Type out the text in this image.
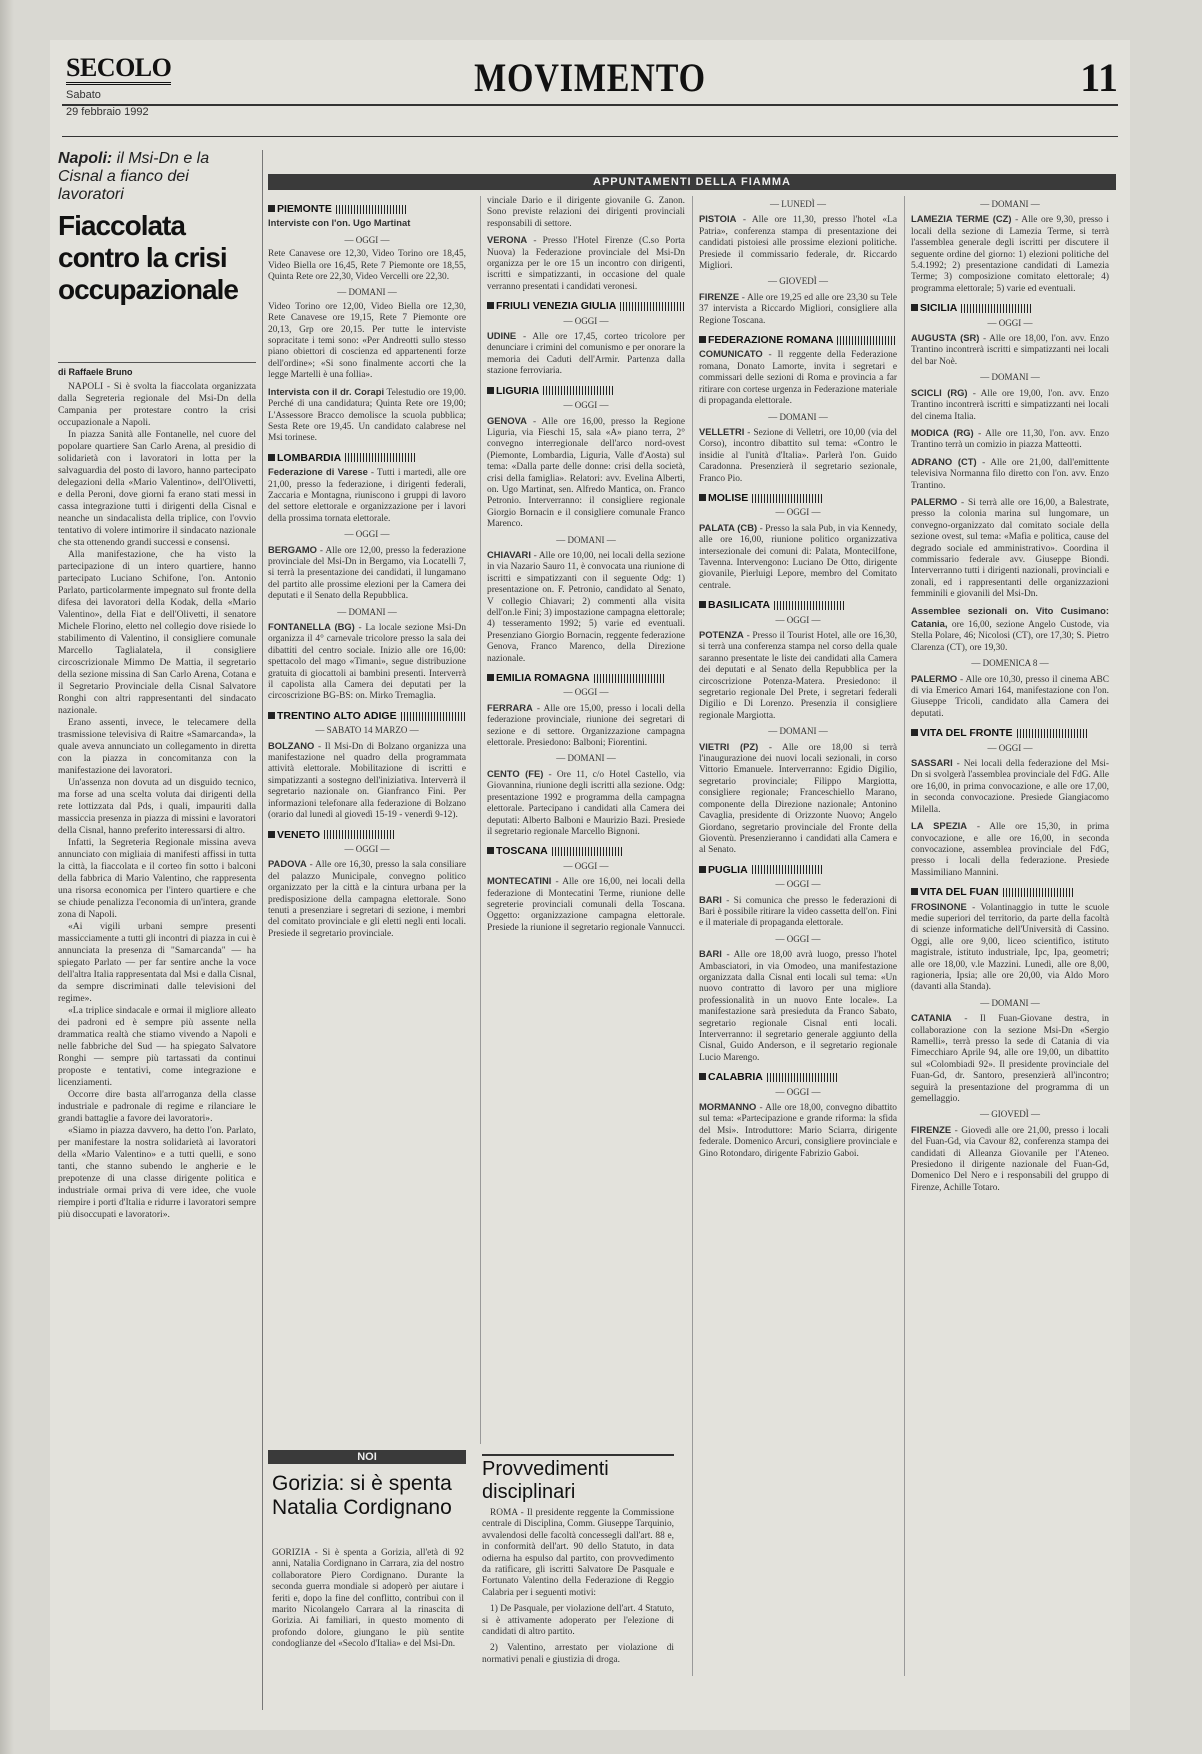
SECOLO
Sabato
29 febbraio 1992
MOVIMENTO	11
Napoli: il Msi-Dn e la Cisnal a fianco dei lavoratori
Fiaccolata contro la crisi occupazionale
di Raffaele Bruno

NAPOLI - Si è svolta la fiaccolata organizzata dalla Segreteria regionale del Msi-Dn della Campania per protestare contro la crisi occupazionale a Napoli.

In piazza Sanità alle Fontanelle, nel cuore del popolare quartiere San Carlo Arena, al presidio di solidarietà con i lavoratori in lotta per la salvaguardia del posto di lavoro, hanno partecipato delegazioni della «Mario Valentino», dell'Olivetti, e della Peroni, dove giorni fa erano stati messi in cassa integrazione tutti i dirigenti della Cisnal e neanche un sindacalista della triplice, con l'ovvio tentativo di volere intimorire il sindacato nazionale che sta ottenendo grandi successi e consensi.

Alla manifestazione, che ha visto la partecipazione di un intero quartiere, hanno partecipato Luciano Schifone, l'on. Antonio Parlato, particolarmente impegnato sul fronte della difesa dei lavoratori della Kodak, della «Mario Valentino», della Fiat e dell'Olivetti, il senatore Michele Florino, eletto nel collegio dove risiede lo stabilimento di Valentino, il consigliere comunale Marcello Taglialatela, il consigliere circoscrizionale Mimmo De Mattia, il segretario della sezione missina di San Carlo Arena, Cotana e il Segretario Provinciale della Cisnal Salvatore Ronghi con altri rappresentanti del sindacato nazionale.

Erano assenti, invece, le telecamere della trasmissione televisiva di Raitre «Samarcanda», la quale aveva annunciato un collegamento in diretta con la piazza in concomitanza con la manifestazione dei lavoratori.

Un'assenza non dovuta ad un disguido tecnico, ma forse ad una scelta voluta dai dirigenti della rete lottizzata dal Pds, i quali, impauriti dalla massiccia presenza in piazza di missini e lavoratori della Cisnal, hanno preferito interessarsi di altro.

Infatti, la Segreteria Regionale missina aveva annunciato con migliaia di manifesti affissi in tutta la città, la fiaccolata e il corteo fin sotto i balconi della fabbrica di Mario Valentino, che rappresenta una risorsa economica per l'intero quartiere e che se chiude penalizza l'economia di un'intera, grande zona di Napoli.

«Ai vigili urbani sempre presenti massicciamente a tutti gli incontri di piazza in cui è annunciata la presenza di "Samarcanda" — ha spiegato Parlato — per far sentire anche la voce dell'altra Italia rappresentata dal Msi e dalla Cisnal, da sempre discriminati dalle televisioni del regime».

«La triplice sindacale e ormai il migliore alleato dei padroni ed è sempre più assente nella drammatica realtà che stiamo vivendo a Napoli e nelle fabbriche del Sud — ha spiegato Salvatore Ronghi — sempre più tartassati da continui proposte e tentativi, come integrazione e licenziamenti.

Occorre dire basta all'arroganza della classe industriale e padronale di regime e rilanciare le grandi battaglie a favore dei lavoratori».

«Siamo in piazza davvero, ha detto l'on. Parlato, per manifestare la nostra solidarietà ai lavoratori della «Mario Valentino» e a tutti quelli, e sono tanti, che stanno subendo le angherie e le prepotenze di una classe dirigente politica e industriale ormai priva di vere idee, che vuole riempire i porti d'Italia e ridurre i lavoratori sempre più disoccupati e lavoratori».

APPUNTAMENTI DELLA FIAMMA
PIEMONTE
Interviste con l'on. Ugo Martinat
— OGGI —
Rete Canavese ore 12,30, Video Torino ore 18,45, Video Biella ore 16,45, Rete 7 Piemonte ore 18,55, Quinta Rete ore 22,30, Video Vercelli ore 22,30.
— DOMANI —
Video Torino ore 12,00, Video Biella ore 12,30, Rete Canavese ore 19,15, Rete 7 Piemonte ore 20,13, Grp ore 20,15. Per tutte le interviste sopracitate i temi sono: «Per Andreotti sullo stesso piano obiettori di coscienza ed appartenenti forze dell'ordine»; «Si sono finalmente accorti che la legge Martelli è una follia».
Intervista con il dr. Corapi Telestudio ore 19,00. Perché di una candidatura; Quinta Rete ore 19,00; L'Assessore Bracco demolisce la scuola pubblica; Sesta Rete ore 19,45. Un candidato calabrese nel Msi torinese.
LOMBARDIA
Federazione di Varese - Tutti i martedì, alle ore 21,00, presso la federazione, i dirigenti federali, Zaccaria e Montagna, riuniscono i gruppi di lavoro del settore elettorale e organizzazione per i lavori della prossima tornata elettorale.
— OGGI —
BERGAMO - Alle ore 12,00, presso la federazione provinciale del Msi-Dn in Bergamo, via Locatelli 7, si terrà la presentazione dei candidati, il lungamano del partito alle prossime elezioni per la Camera dei deputati e il Senato della Repubblica.
— DOMANI —
FONTANELLA (BG) - La locale sezione Msi-Dn organizza il 4° carnevale tricolore presso la sala dei dibattiti del centro sociale. Inizio alle ore 16,00: spettacolo del mago «Timani», segue distribuzione gratuita di giocattoli ai bambini presenti. Interverrà il capolista alla Camera dei deputati per la circoscrizione BG-BS: on. Mirko Tremaglia.
TRENTINO ALTO ADIGE
— SABATO 14 MARZO —
BOLZANO - Il Msi-Dn di Bolzano organizza una manifestazione nel quadro della programmata attività elettorale. Mobilitazione di iscritti e simpatizzanti a sostegno dell'iniziativa. Interverrà il segretario nazionale on. Gianfranco Fini. Per informazioni telefonare alla federazione di Bolzano (orario dal lunedì al giovedì 15-19 - venerdì 9-12).
VENETO
— OGGI —
PADOVA - Alle ore 16,30, presso la sala consiliare del palazzo Municipale, convegno politico organizzato per la città e la cintura urbana per la predisposizione della campagna elettorale. Sono tenuti a presenziare i segretari di sezione, i membri del comitato provinciale e gli eletti negli enti locali. Presiede il segretario provinciale.
vinciale Dario e il dirigente giovanile G. Zanon. Sono previste relazioni dei dirigenti provinciali responsabili di settore.
VERONA - Presso l'Hotel Firenze (C.so Porta Nuova) la Federazione provinciale del Msi-Dn organizza per le ore 15 un incontro con dirigenti, iscritti e simpatizzanti, in occasione del quale verranno presentati i candidati veronesi.
FRIULI VENEZIA GIULIA
— OGGI —
UDINE - Alle ore 17,45, corteo tricolore per denunciare i crimini del comunismo e per onorare la memoria dei Caduti dell'Armir. Partenza dalla stazione ferroviaria.
LIGURIA
— OGGI —
GENOVA - Alle ore 16,00, presso la Regione Liguria, via Fieschi 15, sala «A» piano terra, 2° convegno interregionale dell'arco nord-ovest (Piemonte, Lombardia, Liguria, Valle d'Aosta) sul tema: «Dalla parte delle donne: crisi della società, crisi della famiglia». Relatori: avv. Evelina Alberti, on. Ugo Martinat, sen. Alfredo Mantica, on. Franco Petronio. Interverranno: il consigliere regionale Giorgio Bornacin e il consigliere comunale Franco Marenco.
— DOMANI —
CHIAVARI - Alle ore 10,00, nei locali della sezione in via Nazario Sauro 11, è convocata una riunione di iscritti e simpatizzanti con il seguente Odg: 1) presentazione on. F. Petronio, candidato al Senato, V collegio Chiavari; 2) commenti alla visita dell'on.le Fini; 3) impostazione campagna elettorale; 4) tesseramento 1992; 5) varie ed eventuali. Presenziano Giorgio Bornacin, reggente federazione Genova, Franco Marenco, della Direzione nazionale.
EMILIA ROMAGNA
— OGGI —
FERRARA - Alle ore 15,00, presso i locali della federazione provinciale, riunione dei segretari di sezione e di settore. Organizzazione campagna elettorale. Presiedono: Balboni; Fiorentini.
— DOMANI —
CENTO (FE) - Ore 11, c/o Hotel Castello, via Giovannina, riunione degli iscritti alla sezione. Odg: presentazione 1992 e programma della campagna elettorale. Partecipano i candidati alla Camera dei deputati: Alberto Balboni e Maurizio Bazi. Presiede il segretario regionale Marcello Bignoni.
TOSCANA
— OGGI —
MONTECATINI - Alle ore 16,00, nei locali della federazione di Montecatini Terme, riunione delle segreterie provinciali comunali della Toscana. Oggetto: organizzazione campagna elettorale. Presiede la riunione il segretario regionale Vannucci.
— LUNEDÌ —
PISTOIA - Alle ore 11,30, presso l'hotel «La Patria», conferenza stampa di presentazione dei candidati pistoiesi alle prossime elezioni politiche. Presiede il commissario federale, dr. Riccardo Migliori.
— GIOVEDÌ —
FIRENZE - Alle ore 19,25 ed alle ore 23,30 su Tele 37 intervista a Riccardo Migliori, consigliere alla Regione Toscana.
FEDERAZIONE ROMANA
COMUNICATO - Il reggente della Federazione romana, Donato Lamorte, invita i segretari e commissari delle sezioni di Roma e provincia a far ritirare con cortese urgenza in Federazione materiale di propaganda elettorale.
— DOMANI —
VELLETRI - Sezione di Velletri, ore 10,00 (via del Corso), incontro dibattito sul tema: «Contro le insidie al l'unità d'Italia». Parlerà l'on. Guido Caradonna. Presenzierà il segretario sezionale, Franco Pio.
MOLISE
— OGGI —
PALATA (CB) - Presso la sala Pub, in via Kennedy, alle ore 16,00, riunione politico organizzativa intersezionale dei comuni di: Palata, Montecilfone, Tavenna. Intervengono: Luciano De Otto, dirigente giovanile, Pierluigi Lepore, membro del Comitato centrale.
BASILICATA
— OGGI —
POTENZA - Presso il Tourist Hotel, alle ore 16,30, si terrà una conferenza stampa nel corso della quale saranno presentate le liste dei candidati alla Camera dei deputati e al Senato della Repubblica per la circoscrizione Potenza-Matera. Presiedono: il segretario regionale Del Prete, i segretari federali Digilio e Di Lorenzo. Presenzia il consigliere regionale Margiotta.
— DOMANI —
VIETRI (PZ) - Alle ore 18,00 si terrà l'inaugurazione dei nuovi locali sezionali, in corso Vittorio Emanuele. Interverranno: Egidio Digilio, segretario provinciale; Filippo Margiotta, consigliere regionale; Franceschiello Marano, componente della Direzione nazionale; Antonino Cavaglia, presidente di Orizzonte Nuovo; Angelo Giordano, segretario provinciale del Fronte della Gioventù. Presenzieranno i candidati alla Camera e al Senato.
PUGLIA
— OGGI —
BARI - Si comunica che presso le federazioni di Bari è possibile ritirare la video cassetta dell'on. Fini e il materiale di propaganda elettorale.
— OGGI —
BARI - Alle ore 18,00 avrà luogo, presso l'hotel Ambasciatori, in via Omodeo, una manifestazione organizzata dalla Cisnal enti locali sul tema: «Un nuovo contratto di lavoro per una migliore professionalità in un nuovo Ente locale». La manifestazione sarà presieduta da Franco Sabato, segretario regionale Cisnal enti locali. Interverranno: il segretario generale aggiunto della Cisnal, Guido Anderson, e il segretario regionale Lucio Marengo.
CALABRIA
— OGGI —
MORMANNO - Alle ore 18,00, convegno dibattito sul tema: «Partecipazione e grande riforma: la sfida del Msi». Introduttore: Mario Sciarra, dirigente federale. Domenico Arcuri, consigliere provinciale e Gino Rotondaro, dirigente Fabrizio Gaboi.
— DOMANI —
LAMEZIA TERME (CZ) - Alle ore 9,30, presso i locali della sezione di Lamezia Terme, si terrà l'assemblea generale degli iscritti per discutere il seguente ordine del giorno: 1) elezioni politiche del 5.4.1992; 2) presentazione candidati di Lamezia Terme; 3) composizione comitato elettorale; 4) programma elettorale; 5) varie ed eventuali.
SICILIA
— OGGI —
AUGUSTA (SR) - Alle ore 18,00, l'on. avv. Enzo Trantino incontrerà iscritti e simpatizzanti nei locali del bar Noè.
— DOMANI —
SCICLI (RG) - Alle ore 19,00, l'on. avv. Enzo Trantino incontrerà iscritti e simpatizzanti nei locali del cinema Italia.
MODICA (RG) - Alle ore 11,30, l'on. avv. Enzo Trantino terrà un comizio in piazza Matteotti.
ADRANO (CT) - Alle ore 21,00, dall'emittente televisiva Normanna filo diretto con l'on. avv. Enzo Trantino.
PALERMO - Si terrà alle ore 16,00, a Balestrate, presso la colonia marina sul lungomare, un convegno-organizzato dal comitato sociale della sezione ovest, sul tema: «Mafia e politica, cause del degrado sociale ed amministrativo». Coordina il commissario federale avv. Giuseppe Biondi. Interverranno tutti i dirigenti nazionali, provinciali e zonali, ed i rappresentanti delle organizzazioni femminili e giovanili del Msi-Dn.
Assemblee sezionali on. Vito Cusimano: Catania, ore 16,00, sezione Angelo Custode, via Stella Polare, 46; Nicolosi (CT), ore 17,30; S. Pietro Clarenza (CT), ore 19,30.
— DOMENICA 8 —
PALERMO - Alle ore 10,30, presso il cinema ABC di via Emerico Amari 164, manifestazione con l'on. Giuseppe Tricoli, candidato alla Camera dei deputati.
VITA DEL FRONTE
— OGGI —
SASSARI - Nei locali della federazione del Msi-Dn si svolgerà l'assemblea provinciale del FdG. Alle ore 16,00, in prima convocazione, e alle ore 17,00, in seconda convocazione. Presiede Giangiacomo Milella.
LA SPEZIA - Alle ore 15,30, in prima convocazione, e alle ore 16,00, in seconda convocazione, assemblea provinciale del FdG, presso i locali della federazione. Presiede Massimiliano Mannini.
VITA DEL FUAN
FROSINONE - Volantinaggio in tutte le scuole medie superiori del territorio, da parte della facoltà di scienze informatiche dell'Università di Cassino. Oggi, alle ore 9,00, liceo scientifico, istituto magistrale, istituto industriale, Ipc, Ipa, geometri; alle ore 18,00, v.le Mazzini. Lunedì, alle ore 8,00, ragioneria, Ipsia; alle ore 20,00, via Aldo Moro (davanti alla Standa).
— DOMANI —
CATANIA - Il Fuan-Giovane destra, in collaborazione con la sezione Msi-Dn «Sergio Ramelli», terrà presso la sede di Catania di via Fimecchiaro Aprile 94, alle ore 19,00, un dibattito sul «Colombiadi 92». Il presidente provinciale del Fuan-Gd, dr. Santoro, presenzierà all'incontro; seguirà la presentazione del programma di un gemellaggio.
— GIOVEDÌ —
FIRENZE - Giovedì alle ore 21,00, presso i locali del Fuan-Gd, via Cavour 82, conferenza stampa dei candidati di Alleanza Giovanile per l'Ateneo. Presiedono il dirigente nazionale del Fuan-Gd, Domenico Del Nero e i responsabili del gruppo di Firenze, Achille Totaro.
NOI
Gorizia: si è spenta Natalia Cordignano
GORIZIA - Si è spenta a Gorizia, all'età di 92 anni, Natalia Cordignano in Carrara, zia del nostro collaboratore Piero Cordignano. Durante la seconda guerra mondiale si adoperò per aiutare i feriti e, dopo la fine del conflitto, contribuì con il marito Nicolangelo Carrara al la rinascita di Gorizia. Ai familiari, in questo momento di profondo dolore, giungano le più sentite condoglianze del «Secolo d'Italia» e del Msi-Dn.
Provvedimenti disciplinari

ROMA - Il presidente reggente la Commissione centrale di Disciplina, Comm. Giuseppe Tarquinio, avvalendosi delle facoltà concessegli dall'art. 88 e, in conformità dell'art. 90 dello Statuto, in data odierna ha espulso dal partito, con provvedimento da ratificare, gli iscritti Salvatore De Pasquale e Fortunato Valentino della Federazione di Reggio Calabria per i seguenti motivi:

1) De Pasquale, per violazione dell'art. 4 Statuto, si è attivamente adoperato per l'elezione di candidati di altro partito.

2) Valentino, arrestato per violazione di normativi penali e giustizia di droga.
